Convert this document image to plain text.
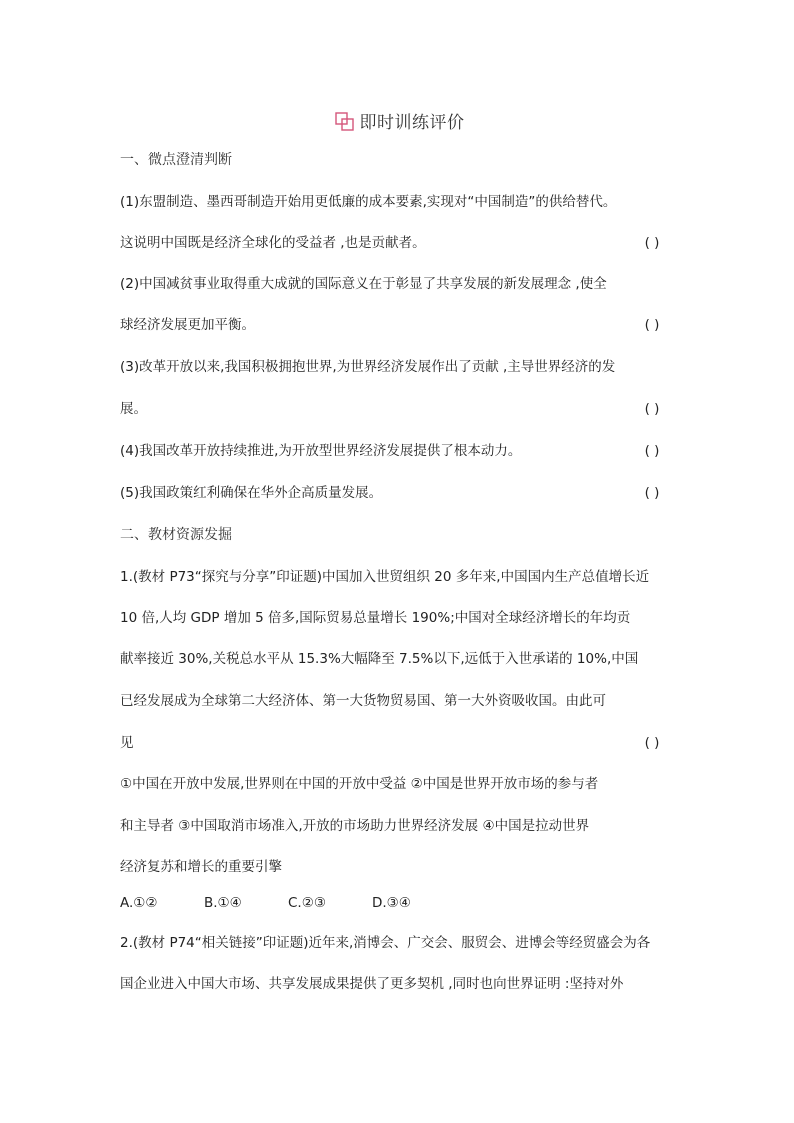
即时训练评价
一、微点澄清判断
(1)东盟制造、墨西哥制造开始用更低廉的成本要素,实现对“中国制造”的供给替代。
这说明中国既是经济全球化的受益者 ,也是贡献者。	( )
(2)中国减贫事业取得重大成就的国际意义在于彰显了共享发展的新发展理念 ,使全
球经济发展更加平衡。	( )
(3)改革开放以来,我国积极拥抱世界,为世界经济发展作出了贡献 ,主导世界经济的发
展。	( )
(4)我国改革开放持续推进,为开放型世界经济发展提供了根本动力。	( )
(5)我国政策红利确保在华外企高质量发展。	( )
二、教材资源发掘
1.(教材 P73“探究与分享”印证题)中国加入世贸组织 20 多年来,中国国内生产总值增长近
10 倍,人均 GDP 增加 5 倍多,国际贸易总量增长 190%;中国对全球经济增长的年均贡
献率接近 30%,关税总水平从 15.3%大幅降至 7.5%以下,远低于入世承诺的 10%,中国
已经发展成为全球第二大经济体、第一大货物贸易国、第一大外资吸收国。由此可
见	( )
①中国在开放中发展,世界则在中国的开放中受益 ②中国是世界开放市场的参与者
和主导者 ③中国取消市场准入,开放的市场助力世界经济发展 ④中国是拉动世界
经济复苏和增长的重要引擎
A.①②	B.①④	C.②③	D.③④
2.(教材 P74“相关链接”印证题)近年来,消博会、广交会、服贸会、进博会等经贸盛会为各
国企业进入中国大市场、共享发展成果提供了更多契机 ,同时也向世界证明 :坚持对外
